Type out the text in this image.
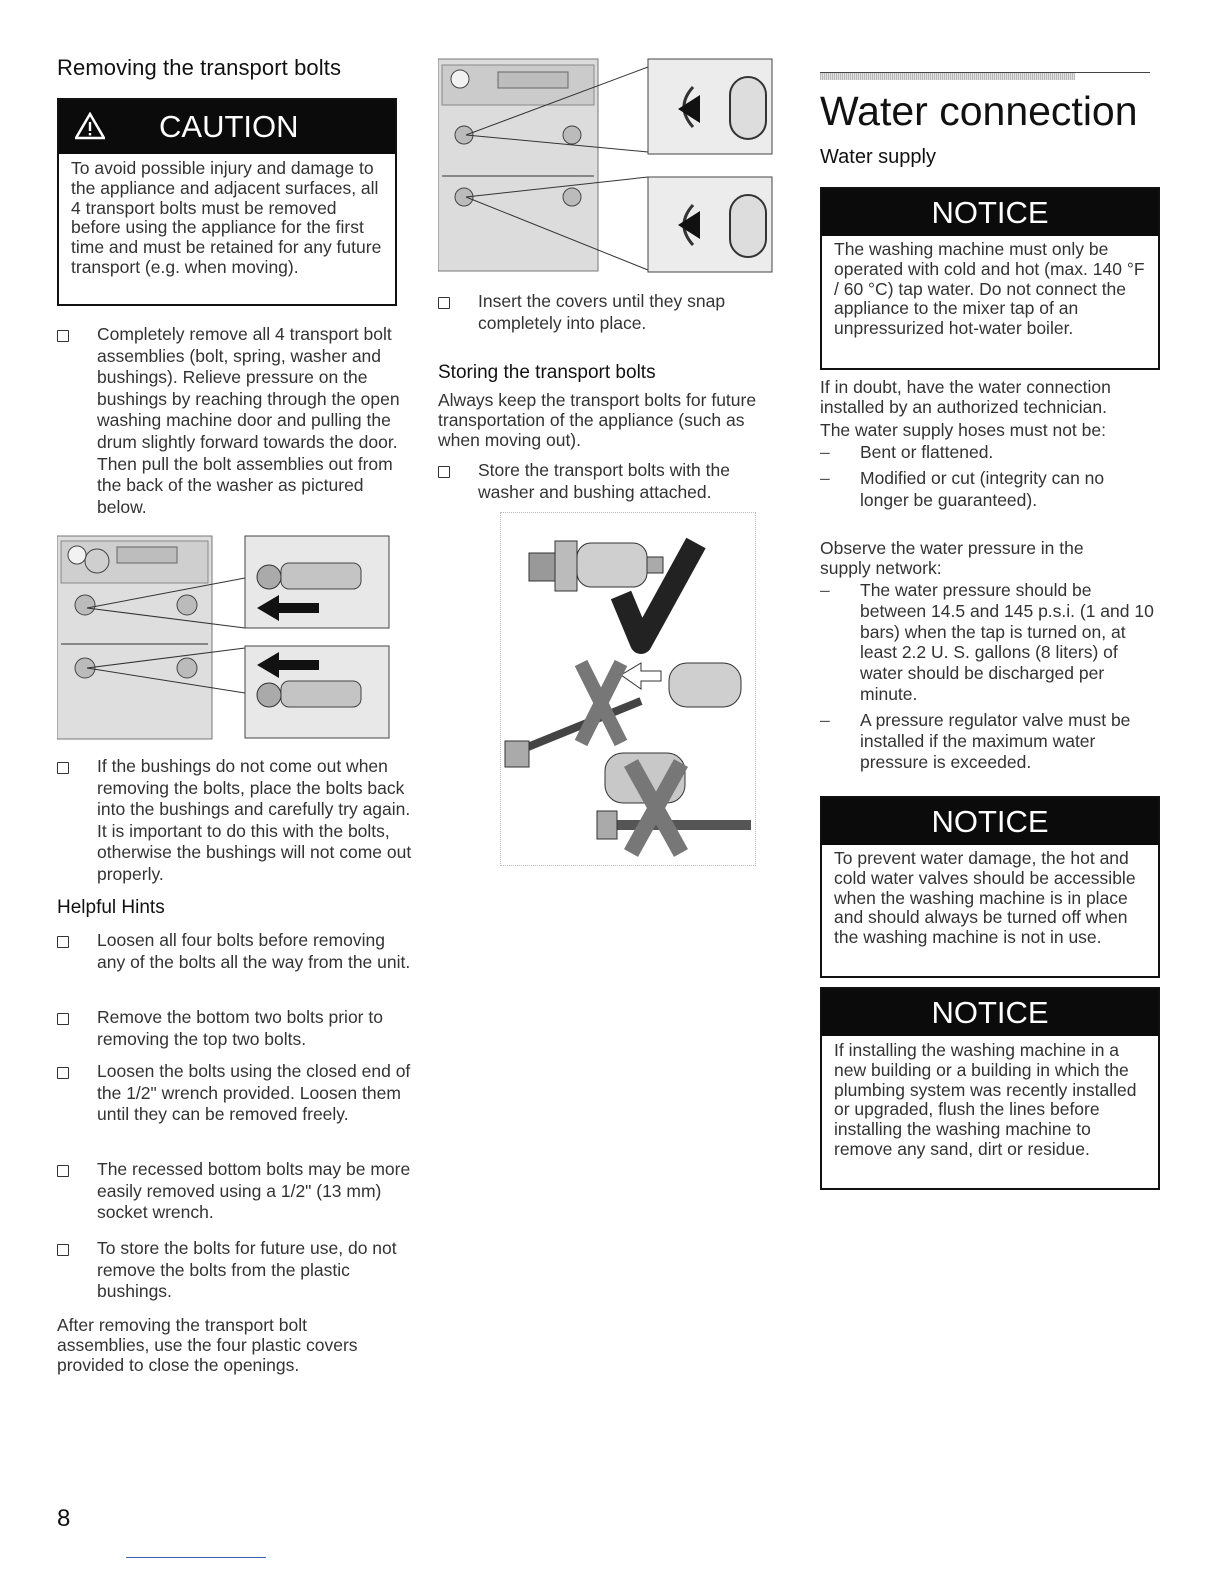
Removing the transport bolts
CAUTION
To avoid possible injury and damage to the appliance and adjacent surfaces, all 4 transport bolts must be removed before using the appliance for the first time and must be retained for any future transport (e.g. when moving).
Completely remove all 4 transport bolt assemblies (bolt, spring, washer and bushings). Relieve pressure on the bushings by reaching through the open washing machine door and pulling the drum slightly forward towards the door. Then pull the bolt assemblies out from the back of the washer as pictured below.
If the bushings do not come out when removing the bolts, place the bolts back into the bushings and carefully try again. It is important to do this with the bolts, otherwise the bushings will not come out properly.
Helpful Hints
Loosen all four bolts before removing any of the bolts all the way from the unit.
Remove the bottom two bolts prior to removing the top two bolts.
Loosen the bolts using the closed end of the 1/2" wrench provided. Loosen them until they can be removed freely.
The recessed bottom bolts may be more easily removed using a 1/2" (13 mm) socket wrench.
To store the bolts for future use, do not remove the bolts from the plastic bushings.
After removing the transport bolt assemblies, use the four plastic covers provided to close the openings.
8
Insert the covers until they snap completely into place.
Storing the transport bolts
Always keep the transport bolts for future transportation of the appliance (such as when moving out).
Store the transport bolts with the washer and bushing attached.
Water connection
Water supply
NOTICE
The washing machine must only be operated with cold and hot (max. 140 °F / 60 °C) tap water. Do not connect the appliance to the mixer tap of an unpressurized hot-water boiler.
If in doubt, have the water connection installed by an authorized technician.
The water supply hoses must not be:
–	Bent or flattened.
–	Modified or cut (integrity can no longer be guaranteed).
Observe the water pressure in the supply network:
–	The water pressure should be between 14.5 and 145 p.s.i. (1 and 10 bars) when the tap is turned on, at least 2.2 U. S. gallons (8 liters) of water should be discharged per minute.
–	A pressure regulator valve must be installed if the maximum water pressure is exceeded.
NOTICE
To prevent water damage, the hot and cold water valves should be accessible when the washing machine is in place and should always be turned off when the washing machine is not in use.
NOTICE
If installing the washing machine in a new building or a building in which the plumbing system was recently installed or upgraded, flush the lines before installing the washing machine to remove any sand, dirt or residue.
